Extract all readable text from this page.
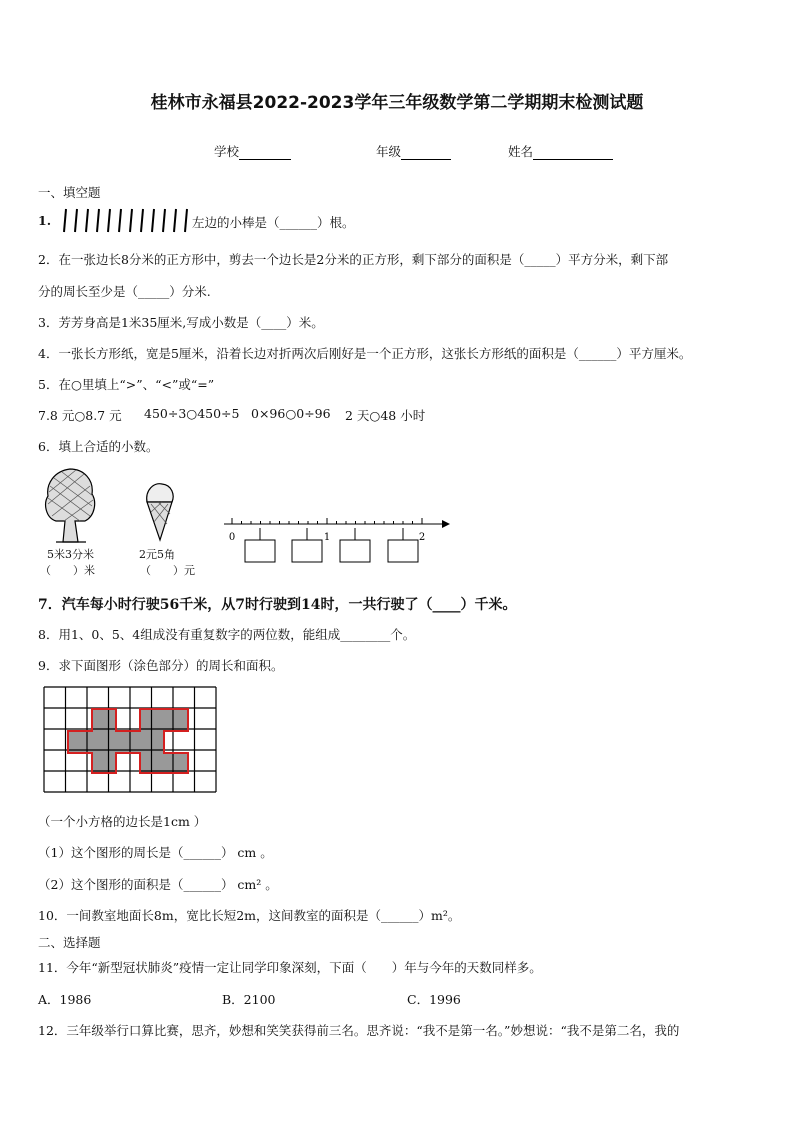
桂林市永福县2022-2023学年三年级数学第二学期期末检测试题
学校	年级	姓名
一、填空题
1.	左边的小棒是（______）根。
2．在一张边长8分米的正方形中，剪去一个边长是2分米的正方形，剩下部分的面积是（_____）平方分米，剩下部
分的周长至少是（_____）分米.
3．芳芳身高是1米35厘米,写成小数是（____）米。
4．一张长方形纸，宽是5厘米，沿着长边对折两次后刚好是一个正方形，这张长方形纸的面积是（______）平方厘米。
5．在○里填上“>”、“<”或“=”
7.8 元○8.7 元 450÷3○450÷5 0×96○0÷96 2 天○48 小时
6．填上合适的小数。
5米3分米
（　　）米
2元5角
（　　）元
0	1	2
7．汽车每小时行驶56千米，从7时行驶到14时，一共行驶了（____）千米。
8．用1、0、5、4组成没有重复数字的两位数，能组成________个。
9．求下面图形（涂色部分）的周长和面积。
（一个小方格的边长是1cm ）
（1）这个图形的周长是（______） cm 。
（2）这个图形的面积是（______） cm² 。
10．一间教室地面长8m，宽比长短2m，这间教室的面积是（______）m²。
二、选择题
11．今年“新型冠状肺炎”疫情一定让同学印象深刻，下面（　　）年与今年的天数同样多。
A．1986	B．2100	C．1996
12．三年级举行口算比赛，思齐，妙想和笑笑获得前三名。思齐说：“我不是第一名。”妙想说：“我不是第二名，我的
